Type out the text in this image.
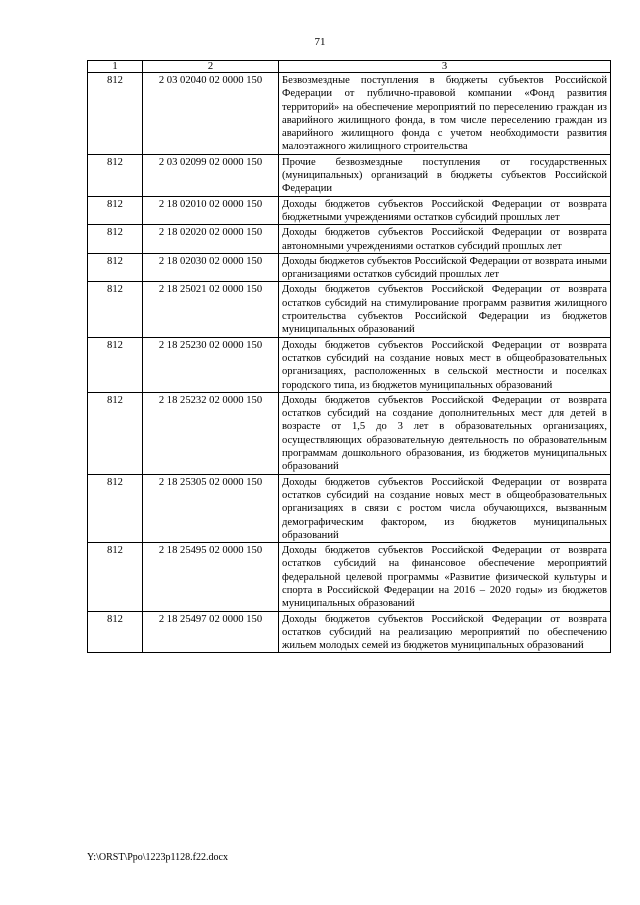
71
1	2	3
812	2 03 02040 02 0000 150	Безвозмездные поступления в бюджеты субъектов Российской Федерации от публично-правовой компании «Фонд развития территорий» на обеспечение мероприятий по переселению граждан из аварийного жилищного фонда, в том числе переселению граждан из аварийного жилищного фонда с учетом необходимости развития малоэтажного жилищного строительства
812	2 03 02099 02 0000 150	Прочие безвозмездные поступления от государственных (муниципальных) организаций в бюджеты субъектов Российской Федерации
812	2 18 02010 02 0000 150	Доходы бюджетов субъектов Российской Федерации от возврата бюджетными учреждениями остатков субсидий прошлых лет
812	2 18 02020 02 0000 150	Доходы бюджетов субъектов Российской Федерации от возврата автономными учреждениями остатков субсидий прошлых лет
812	2 18 02030 02 0000 150	Доходы бюджетов субъектов Российской Федерации от возврата иными организациями остатков субсидий прошлых лет
812	2 18 25021 02 0000 150	Доходы бюджетов субъектов Российской Федерации от возврата остатков субсидий на стимулирование программ развития жилищного строительства субъектов Российской Федерации из бюджетов муниципальных образований
812	2 18 25230 02 0000 150	Доходы бюджетов субъектов Российской Федерации от возврата остатков субсидий на создание новых мест в общеобразовательных организациях, расположенных в сельской местности и поселках городского типа, из бюджетов муниципальных образований
812	2 18 25232 02 0000 150	Доходы бюджетов субъектов Российской Федерации от возврата остатков субсидий на создание дополнительных мест для детей в возрасте от 1,5 до 3 лет в образовательных организациях, осуществляющих образовательную деятельность по образовательным программам дошкольного образования, из бюджетов муниципальных образований
812	2 18 25305 02 0000 150	Доходы бюджетов субъектов Российской Федерации от возврата остатков субсидий на создание новых мест в общеобразовательных организациях в связи с ростом числа обучающихся, вызванным демографическим фактором, из бюджетов муниципальных образований
812	2 18 25495 02 0000 150	Доходы бюджетов субъектов Российской Федерации от возврата остатков субсидий на финансовое обеспечение мероприятий федеральной целевой программы «Развитие физической культуры и спорта в Российской Федерации на 2016 – 2020 годы» из бюджетов муниципальных образований
812	2 18 25497 02 0000 150	Доходы бюджетов субъектов Российской Федерации от возврата остатков субсидий на реализацию мероприятий по обеспечению жильем молодых семей из бюджетов муниципальных образований
Y:\ORST\Ppo\1223p1128.f22.docx
